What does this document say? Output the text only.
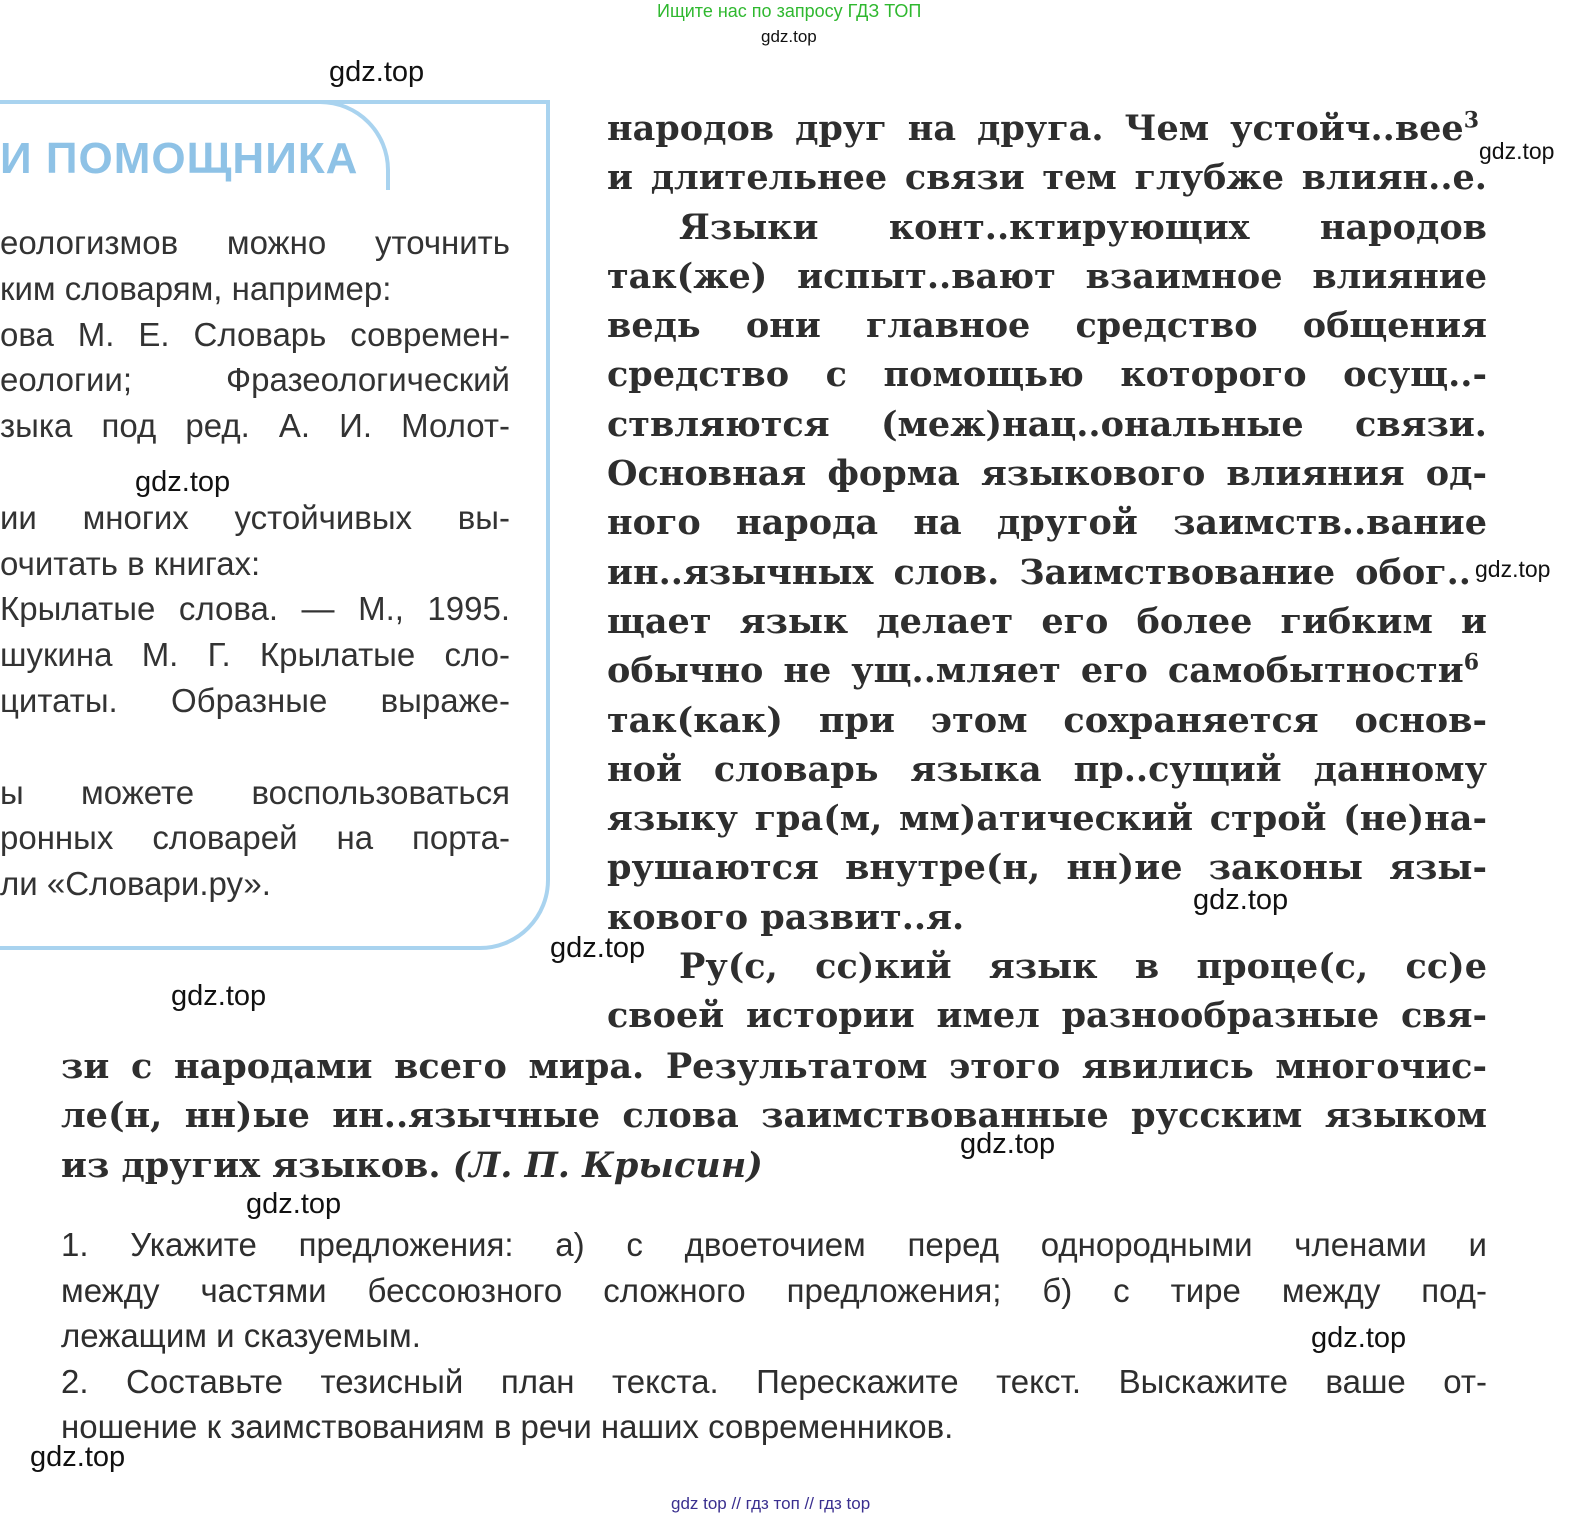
Ищите нас по запросу ГДЗ ТОП
gdz.top
И ПОМОЩНИКА
еологизмов можно уточнить
ким словарям, например:
ова М. Е. Словарь современ-
еологии; Фразеологический
зыка под ред. А. И. Молот-
ии многих устойчивых вы-
очитать в книгах:
Крылатые слова. — М., 1995.
шукина М. Г. Крылатые сло-
цитаты. Образные выраже-
ы можете воспользоваться
ронных словарей на порта-
ли «Словари.ру».
народов друг на друга. Чем устойч..вее$^3$
и длительнее связи тем глубже влиян..е.
Языки конт..ктирующих народов
так(же) испыт..вают взаимное влияние
ведь они главное средство общения
средство с помощью которого осущ..-
ствляются (меж)нац..ональные связи.
Основная форма языкового влияния од-
ного народа на другой заимств..вание
ин..язычных слов. Заимствование обог..
щает язык делает его более гибким и
обычно не ущ..мляет его самобытности$^6$
так(как) при этом сохраняется основ-
ной словарь языка пр..сущий данному
языку гра(м, мм)атический строй (не)на-
рушаются внутре(н, нн)ие законы язы-
кового развит..я.
Ру(с, сс)кий язык в проце(с, сс)е
своей истории имел разнообразные свя-
зи с народами всего мира. Результатом этого явились многочис-
ле(н, нн)ые ин..язычные слова заимствованные русским языком
из других языков. (Л. П. Крысин)
1. Укажите предложения: а) с двоеточием перед однородными членами и
между частями бессоюзного сложного предложения; б) с тире между под-
лежащим и сказуемым.
2. Составьте тезисный план текста. Перескажите текст. Выскажите ваше от-
ношение к заимствованиям в речи наших современников.
gdz.top
gdz.top
gdz.top
gdz.top
gdz.top
gdz.top
gdz.top
gdz.top
gdz.top
gdz.top
gdz.top
gdz top // гдз топ // гдз top
